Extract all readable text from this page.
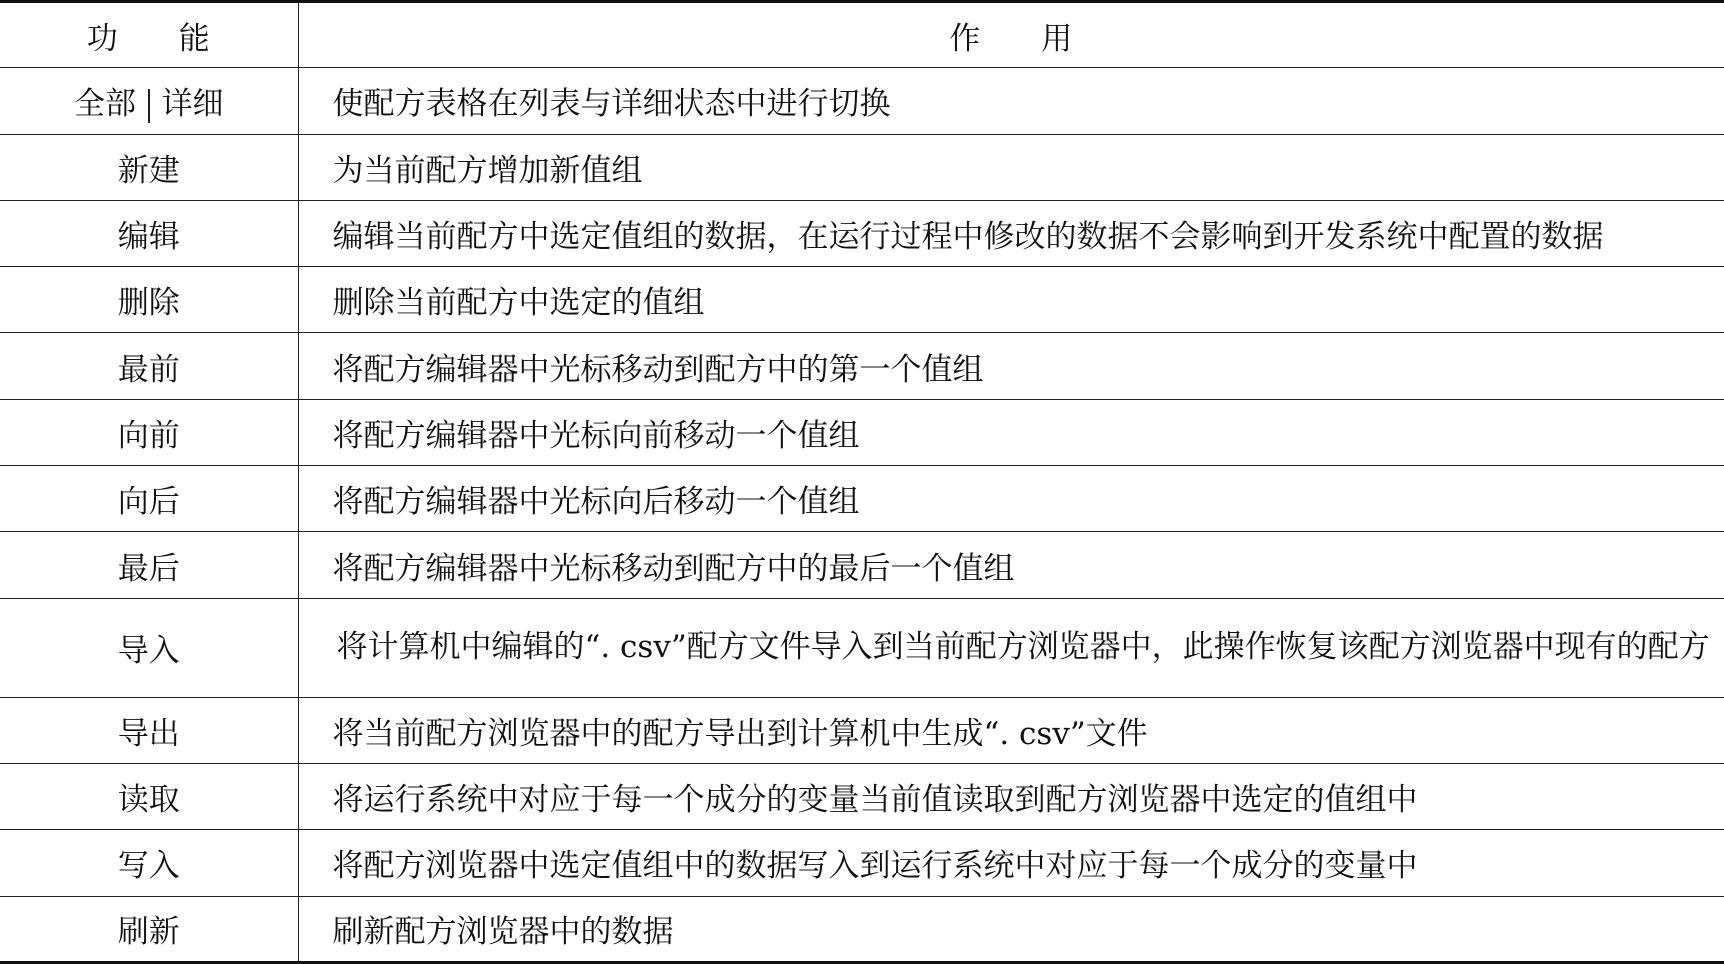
功 能	作 用
全部 详细	使配方表格在列表与详细状态中进行切换
新建	为当前配方增加新值组
编辑	编辑当前配方中选定值组的数据，在运行过程中修改的数据不会影响到开发系统中配置的数据
删除	删除当前配方中选定的值组
最前	将配方编辑器中光标移动到配方中的第一个值组
向前	将配方编辑器中光标向前移动一个值组
向后	将配方编辑器中光标向后移动一个值组
最后	将配方编辑器中光标移动到配方中的最后一个值组
导入	将计算机中编辑的“. csv”配方文件导入到当前配方浏览器中，此操作恢复该配方浏览器中现有的配方
导出	将当前配方浏览器中的配方导出到计算机中生成“. csv”文件
读取	将运行系统中对应于每一个成分的变量当前值读取到配方浏览器中选定的值组中
写入	将配方浏览器中选定值组中的数据写入到运行系统中对应于每一个成分的变量中
刷新	刷新配方浏览器中的数据
